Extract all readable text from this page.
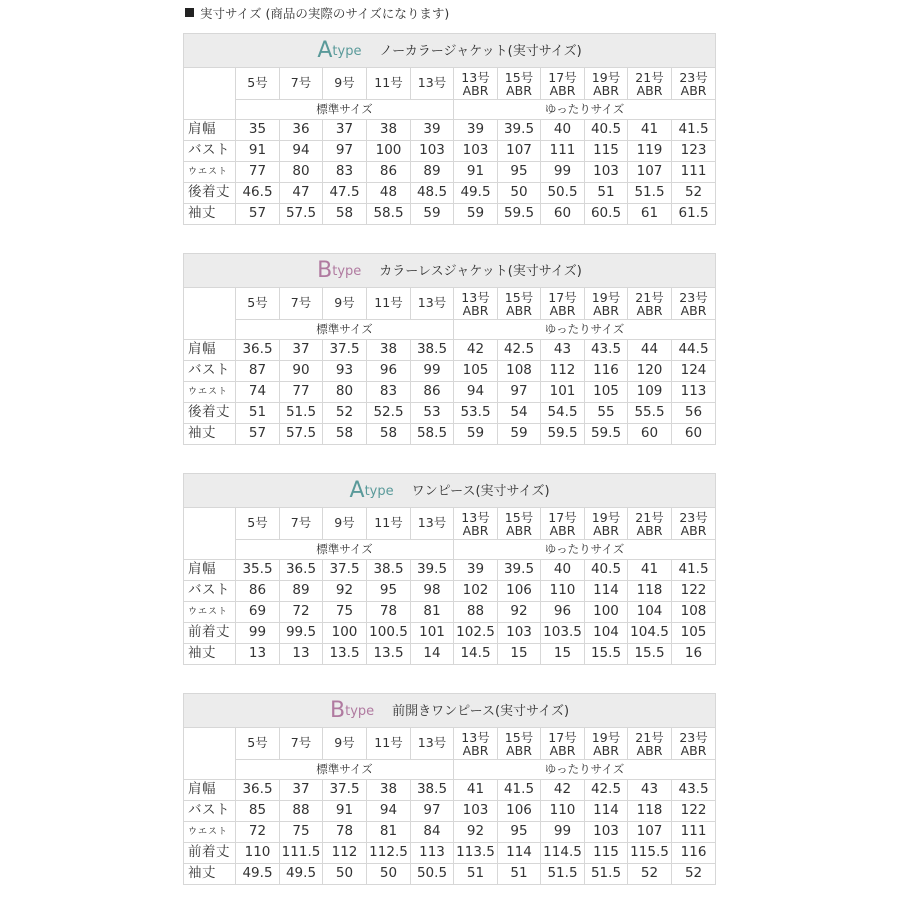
実寸サイズ (商品の実際のサイズになります)
Atype ノーカラージャケット(実寸サイズ)											
	5号	7号	9号	11号	13号	13号 ABR	15号 ABR	17号 ABR	19号 ABR	21号 ABR	23号 ABR
	標準サイズ					ゆったりサイズ					
肩幅	35	36	37	38	39	39	39.5	40	40.5	41	41.5
バスト	91	94	97	100	103	103	107	111	115	119	123
ウエスト	77	80	83	86	89	91	95	99	103	107	111
後着丈	46.5	47	47.5	48	48.5	49.5	50	50.5	51	51.5	52
袖丈	57	57.5	58	58.5	59	59	59.5	60	60.5	61	61.5
Btype カラーレスジャケット(実寸サイズ)											
	5号	7号	9号	11号	13号	13号 ABR	15号 ABR	17号 ABR	19号 ABR	21号 ABR	23号 ABR
	標準サイズ					ゆったりサイズ					
肩幅	36.5	37	37.5	38	38.5	42	42.5	43	43.5	44	44.5
バスト	87	90	93	96	99	105	108	112	116	120	124
ウエスト	74	77	80	83	86	94	97	101	105	109	113
後着丈	51	51.5	52	52.5	53	53.5	54	54.5	55	55.5	56
袖丈	57	57.5	58	58	58.5	59	59	59.5	59.5	60	60
Atype ワンピース(実寸サイズ)											
	5号	7号	9号	11号	13号	13号 ABR	15号 ABR	17号 ABR	19号 ABR	21号 ABR	23号 ABR
	標準サイズ					ゆったりサイズ					
肩幅	35.5	36.5	37.5	38.5	39.5	39	39.5	40	40.5	41	41.5
バスト	86	89	92	95	98	102	106	110	114	118	122
ウエスト	69	72	75	78	81	88	92	96	100	104	108
前着丈	99	99.5	100	100.5	101	102.5	103	103.5	104	104.5	105
袖丈	13	13	13.5	13.5	14	14.5	15	15	15.5	15.5	16
Btype 前開きワンピース(実寸サイズ)											
	5号	7号	9号	11号	13号	13号 ABR	15号 ABR	17号 ABR	19号 ABR	21号 ABR	23号 ABR
	標準サイズ					ゆったりサイズ					
肩幅	36.5	37	37.5	38	38.5	41	41.5	42	42.5	43	43.5
バスト	85	88	91	94	97	103	106	110	114	118	122
ウエスト	72	75	78	81	84	92	95	99	103	107	111
前着丈	110	111.5	112	112.5	113	113.5	114	114.5	115	115.5	116
袖丈	49.5	49.5	50	50	50.5	51	51	51.5	51.5	52	52
